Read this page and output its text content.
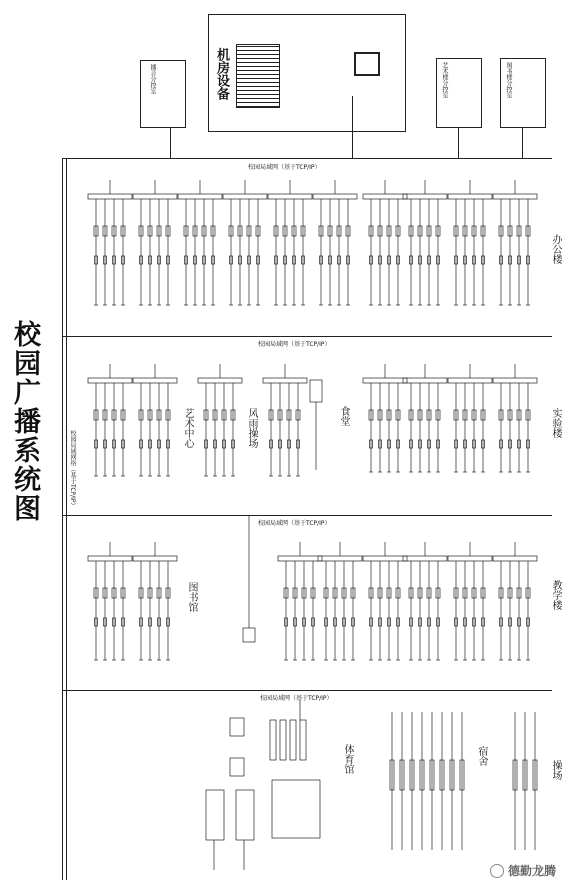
校园广播系统图	校园局域网络（基于TCP/IP）
校园局域网（基于TCP/IP）
校园局域网（基于TCP/IP）
校园局域网（基于TCP/IP）
校园局域网（基于TCP/IP）
机房设备
播音分控室	艺术楼分控室	图书楼分控室
办公楼
实验楼
食堂
艺术中心	风雨操场
图书馆	教学楼
体育馆	宿舍
操场
德勤龙腾
